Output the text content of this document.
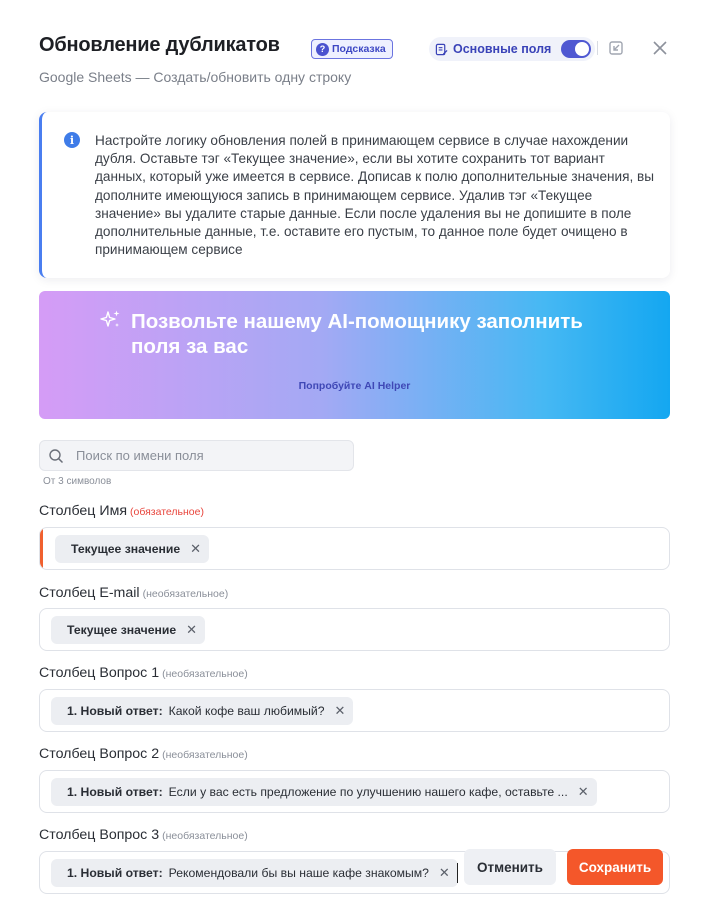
Обновление дубликатов	? Подсказка	Основные поля
Google Sheets — Создать/обновить одну строку
i	Настройте логику обновления полей в принимающем сервисе в случае нахождении дубля. Оставьте тэг «Текущее значение», если вы хотите сохранить тот вариант данных, который уже имеется в сервисе. Дописав к полю дополнительные значения, вы дополните имеющуюся запись в принимающем сервисе. Удалив тэг «Текущее значение» вы удалите старые данные. Если после удаления вы не допишите в поле дополнительные данные, т.е. оставите его пустым, то данное поле будет очищено в принимающем сервисе
Позвольте нашему AI-помощнику заполнить поля за вас
Попробуйте AI Helper
Поиск по имени поля
От 3 символов
Столбец Имя (обязательное)
Текущее значение ✕
Столбец E-mail (необязательное)
Текущее значение ✕
Столбец Вопрос 1 (необязательное)
1. Новый ответ: Какой кофе ваш любимый? ✕
Столбец Вопрос 2 (необязательное)
1. Новый ответ: Если у вас есть предложение по улучшению нашего кафе, оставьте ... ✕
Столбец Вопрос 3 (необязательное)
1. Новый ответ: Рекомендовали бы вы наше кафе знакомым? ✕	Отменить	Сохранить
